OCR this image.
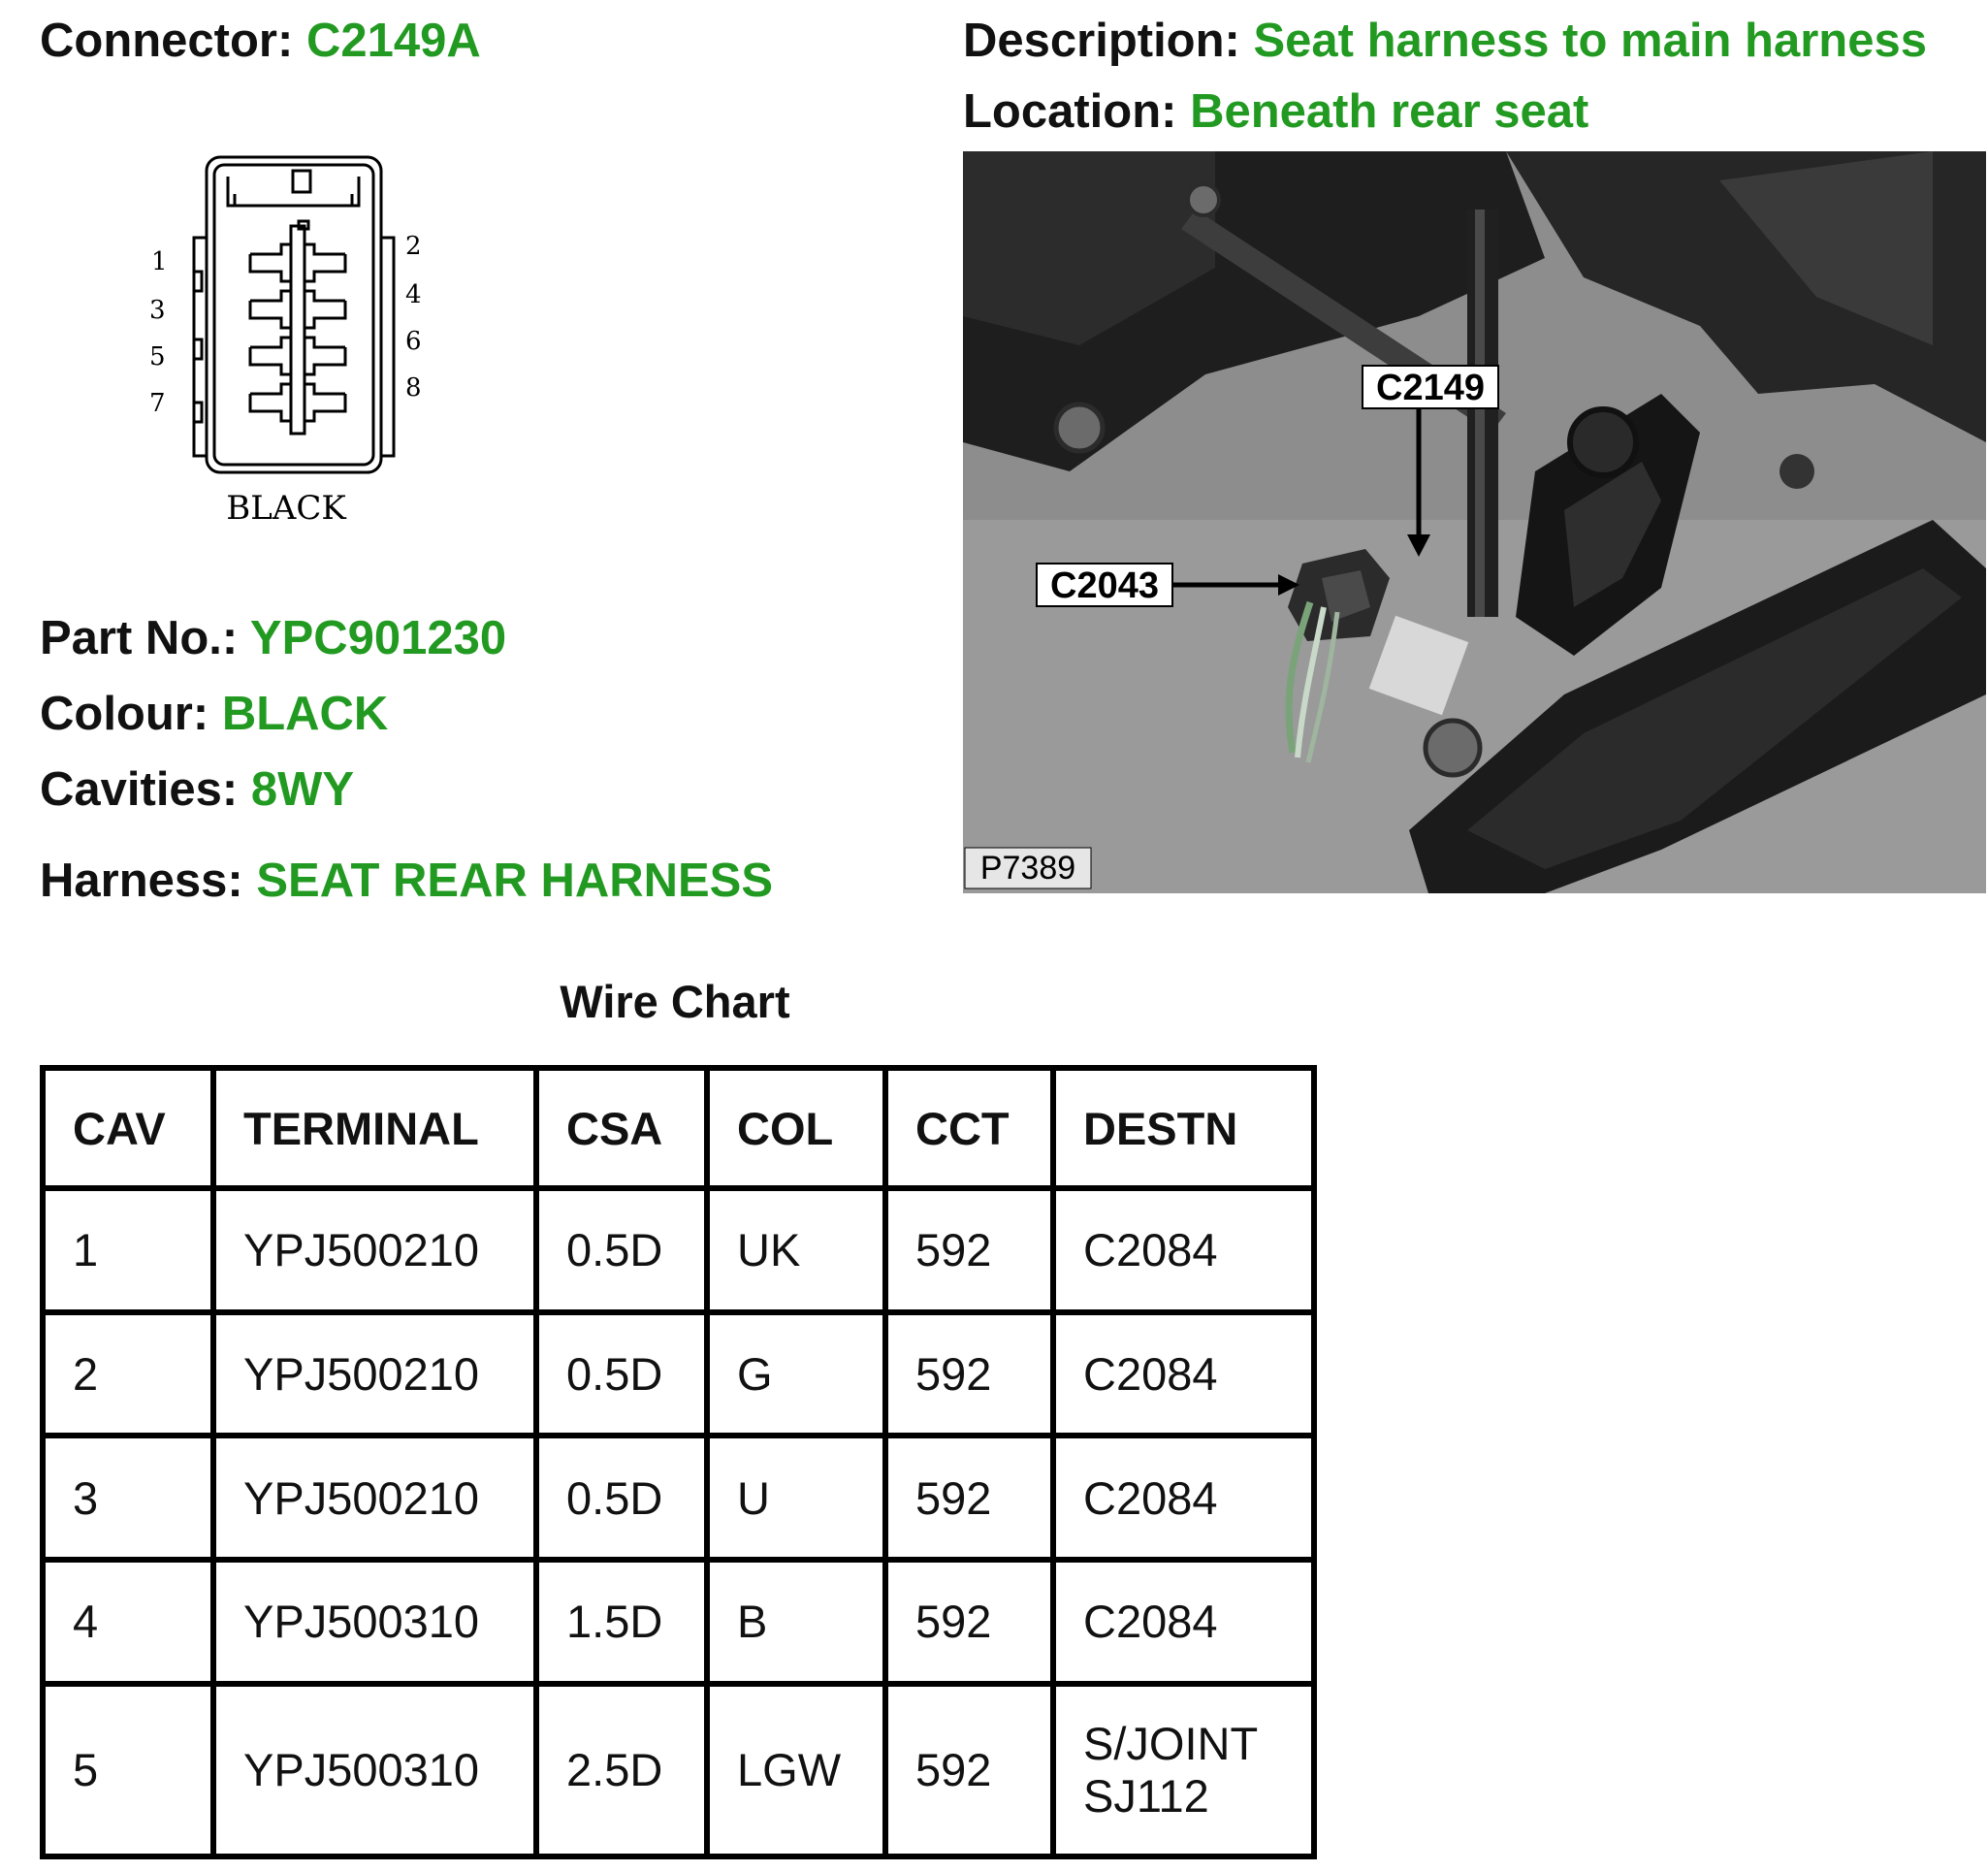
Connector: C2149A	Description: Seat harness to main harness
Location: Beneath rear seat
1
3
5
7
2
4
6
8
BLACK
C2149
C2043
P7389
Part No.: YPC901230
Colour: BLACK
Cavities: 8WY
Harness: SEAT REAR HARNESS
Wire Chart
CAV	TERMINAL	CSA	COL	CCT	DESTN
1	YPJ500210	0.5D	UK	592	C2084
2	YPJ500210	0.5D	G	592	C2084
3	YPJ500210	0.5D	U	592	C2084
4	YPJ500310	1.5D	B	592	C2084
5	YPJ500310	2.5D	LGW	592	S/JOINT
SJ112
